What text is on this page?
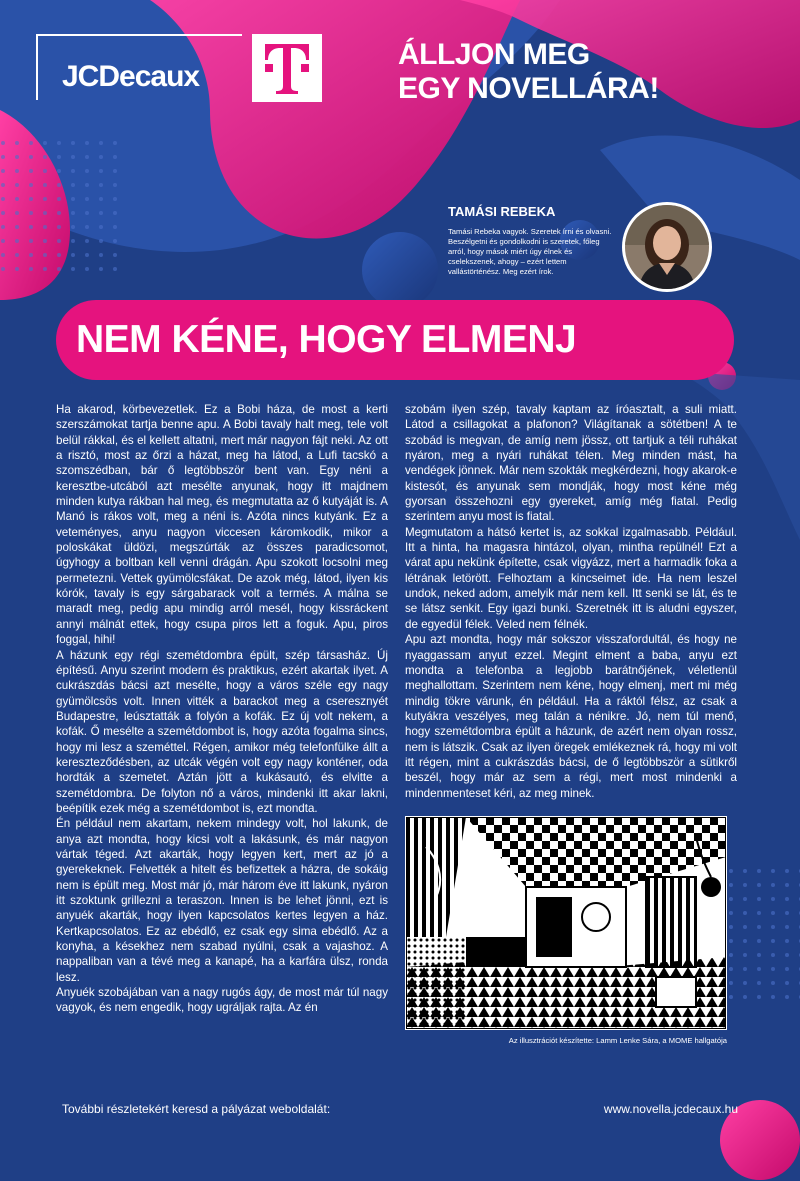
JCDecaux
ÁLLJON MEG
EGY NOVELLÁRA!
TAMÁSI REBEKA
Tamási Rebeka vagyok. Szeretek írni és olvasni. Beszélgetni és gondolkodni is szeretek, főleg arról, hogy mások miért úgy élnek és cselekszenek, ahogy – ezért lettem vallástörténész. Meg ezért írok.
NEM KÉNE, HOGY ELMENJ

Ha akarod, körbevezetlek. Ez a Bobi háza, de most a kerti szerszámokat tartja benne apu. A Bobi tavaly halt meg, tele volt belül rákkal, és el kellett altatni, mert már nagyon fájt neki. Az ott a risztó, most az őrzi a házat, meg ha látod, a Lufi tacskó a szomszédban, bár ő legtöbbször bent van. Egy néni a keresztbe-utcából azt mesélte anyunak, hogy itt majdnem minden kutya rákban hal meg, és megmutatta az ő kutyáját is. A Manó is rákos volt, meg a néni is. Azóta nincs kutyánk. Ez a veteményes, anyu nagyon viccesen káromkodik, mikor a poloskákat üldözi, megszúrták az összes paradicsomot, úgyhogy a boltban kell venni drágán. Apu szokott locsolni meg permetezni. Vettek gyümölcsfákat. De azok még, látod, ilyen kis kórók, tavaly is egy sárgabarack volt a termés. A málna se maradt meg, pedig apu mindig arról mesél, hogy kissráckent annyi málnát ettek, hogy csupa piros lett a foguk. Apu, piros foggal, hihi!

A házunk egy régi szemétdombra épült, szép társasház. Új építésű. Anyu szerint modern és praktikus, ezért akartak ilyet. A cukrászdás bácsi azt mesélte, hogy a város széle egy nagy gyümölcsös volt. Innen vitték a barackot meg a cseresznyét Budapestre, leúsztatták a folyón a kofák. Ez új volt nekem, a kofák. Ő mesélte a szemétdombot is, hogy azóta fogalma sincs, hogy mi lesz a szeméttel. Régen, amikor még telefonfülke állt a kereszteződésben, az utcák végén volt egy nagy konténer, oda hordták a szemetet. Aztán jött a kukásautó, és elvitte a szemétdombra. De folyton nő a város, mindenki itt akar lakni, beépítik ezek még a szemétdombot is, ezt mondta.

Én például nem akartam, nekem mindegy volt, hol lakunk, de anya azt mondta, hogy kicsi volt a lakásunk, és már nagyon vártak téged. Azt akarták, hogy legyen kert, mert az jó a gyerekeknek. Felvették a hitelt és befizettek a házra, de sokáig nem is épült meg. Most már jó, már három éve itt lakunk, nyáron itt szoktunk grillezni a teraszon. Innen is be lehet jönni, ezt is anyuék akarták, hogy ilyen kapcsolatos kertes legyen a ház. Kertkapcsolatos. Ez az ebédlő, ez csak egy sima ebédlő. Az a konyha, a késekhez nem szabad nyúlni, csak a vajashoz. A nappaliban van a tévé meg a kanapé, ha a karfára ülsz, ronda lesz.

Anyuék szobájában van a nagy rugós ágy, de most már túl nagy vagyok, és nem engedik, hogy ugráljak rajta. Az én

szobám ilyen szép, tavaly kaptam az íróasztalt, a suli miatt. Látod a csillagokat a plafonon? Világítanak a sötétben! A te szobád is megvan, de amíg nem jössz, ott tartjuk a téli ruhákat nyáron, meg a nyári ruhákat télen. Meg minden mást, ha vendégek jönnek. Már nem szokták megkérdezni, hogy akarok-e kistesót, és anyunak sem mondják, hogy most kéne még gyorsan összehozni egy gyereket, amíg még fiatal. Pedig szerintem anyu most is fiatal.

Megmutatom a hátsó kertet is, az sokkal izgalmasabb. Például. Itt a hinta, ha magasra hintázol, olyan, mintha repülnél! Ezt a várat apu nekünk építette, csak vigyázz, mert a harmadik foka a létrának letörött. Felhoztam a kincseimet ide. Ha nem leszel undok, neked adom, amelyik már nem kell. Itt senki se lát, és te se látsz senkit. Egy igazi bunki. Szeretnék itt is aludni egyszer, de egyedül félek. Veled nem félnék.

Apu azt mondta, hogy már sokszor visszafordultál, és hogy ne nyaggassam anyut ezzel. Megint elment a baba, anyu ezt mondta a telefonba a legjobb barátnőjének, véletlenül meghallottam. Szerintem nem kéne, hogy elmenj, mert mi még mindig tökre várunk, én például. Ha a ráktól félsz, az csak a kutyákra veszélyes, meg talán a nénikre. Jó, nem túl menő, hogy szemétdombra épült a házunk, de azért nem olyan rossz, nem is látszik. Csak az ilyen öregek emlékeznek rá, hogy mi volt itt régen, mint a cukrászdás bácsi, de ő legtöbbször a sütikről beszél, hogy már az sem a régi, mert most mindenki a mindenmenteset kéri, az meg minek.

Az illusztrációt készítette: Lamm Lenke Sára, a MOME hallgatója
További részletekért keresd a pályázat weboldalát:	www.novella.jcdecaux.hu
